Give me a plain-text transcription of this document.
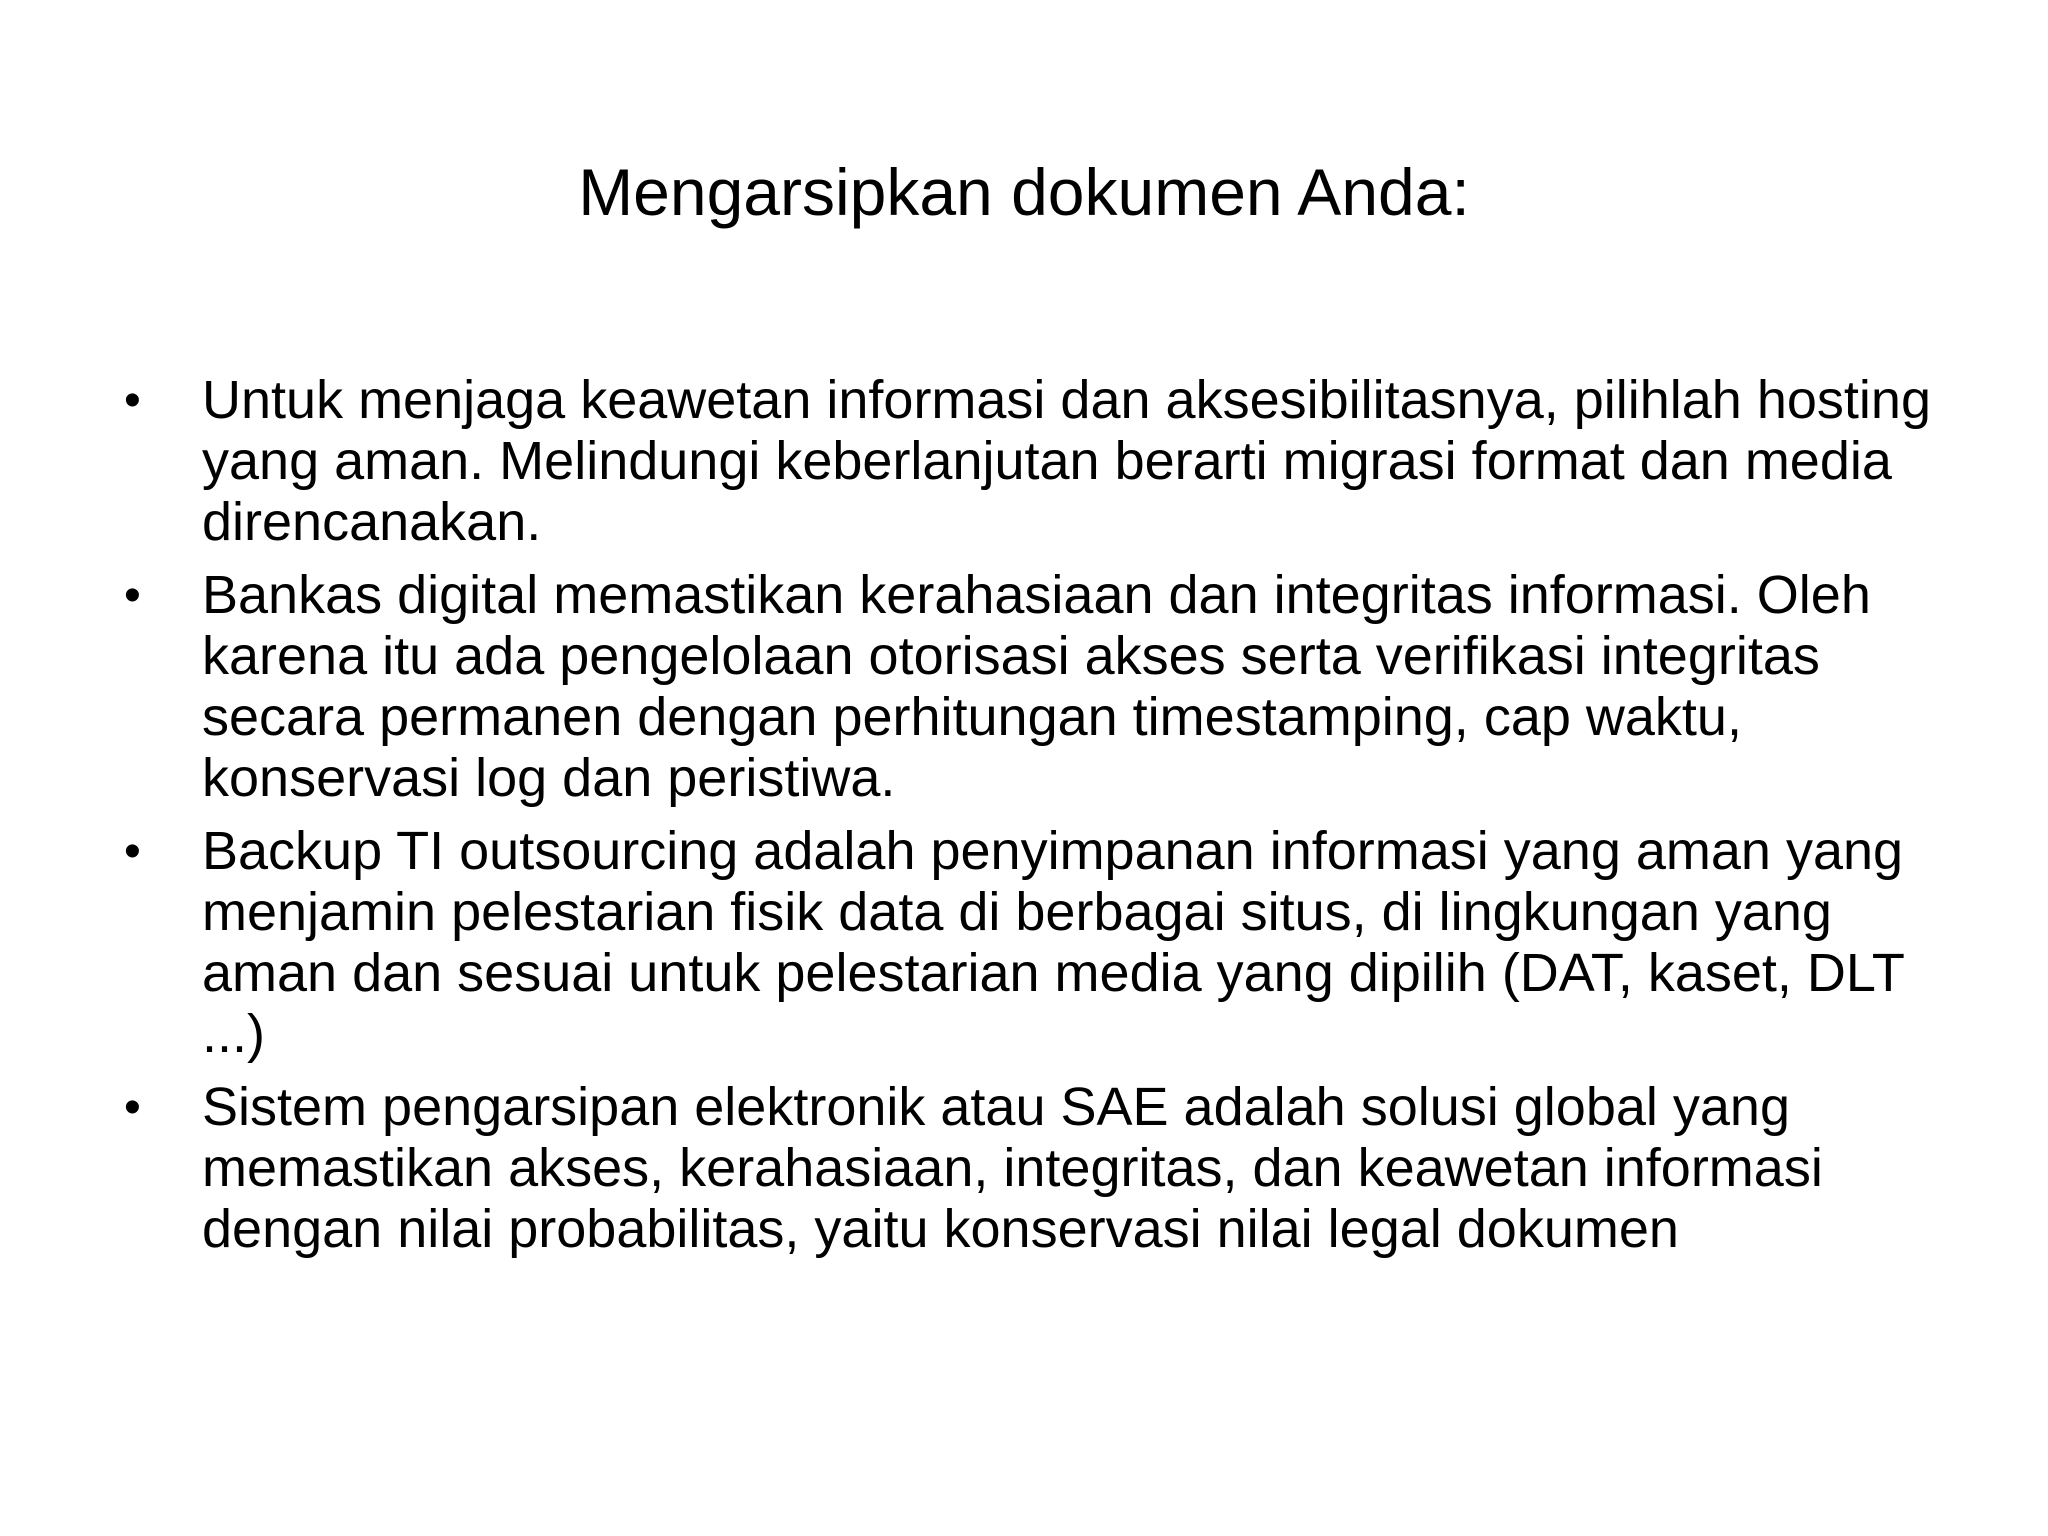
Mengarsipkan dokumen Anda:
•	Untuk menjaga keawetan informasi dan aksesibilitasnya, pilihlah hosting yang aman. Melindungi keberlanjutan berarti migrasi format dan media direncanakan.
•	Bankas digital memastikan kerahasiaan dan integritas informasi. Oleh karena itu ada pengelolaan otorisasi akses serta verifikasi integritas secara permanen dengan perhitungan timestamping, cap waktu, konservasi log dan peristiwa.
•	Backup TI outsourcing adalah penyimpanan informasi yang aman yang menjamin pelestarian fisik data di berbagai situs, di lingkungan yang aman dan sesuai untuk pelestarian media yang dipilih (DAT, kaset, DLT ...)
•	Sistem pengarsipan elektronik atau SAE adalah solusi global yang memastikan akses, kerahasiaan, integritas, dan keawetan informasi dengan nilai probabilitas, yaitu konservasi nilai legal dokumen
